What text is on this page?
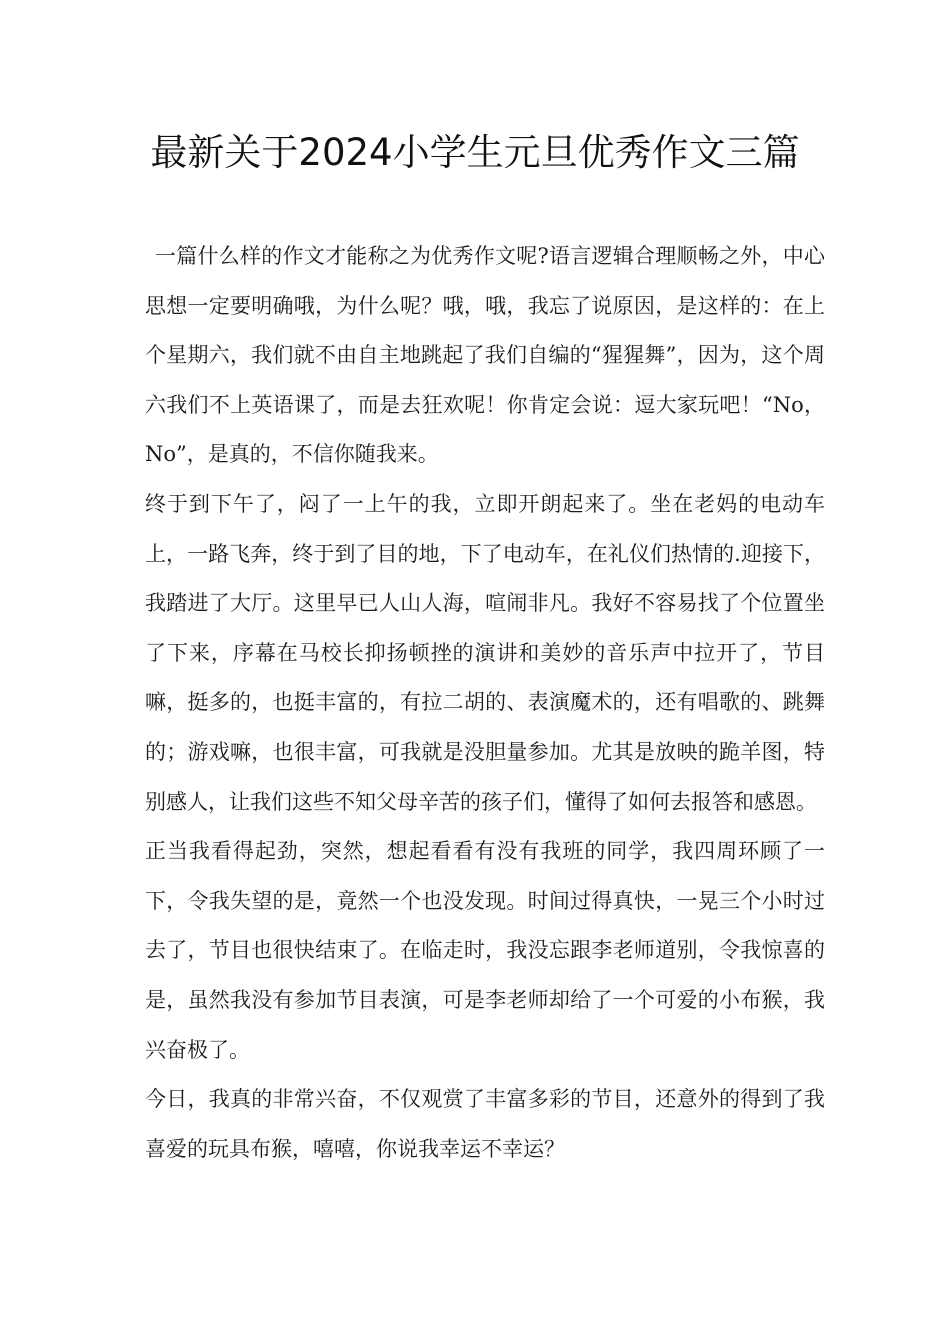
最新关于2024小学生元旦优秀作文三篇

一篇什么样的作文才能称之为优秀作文呢?语言逻辑合理顺畅之外，中心思想一定要明确哦，为什么呢？哦，哦，我忘了说原因，是这样的：在上个星期六，我们就不由自主地跳起了我们自编的“猩猩舞”，因为，这个周六我们不上英语课了，而是去狂欢呢！你肯定会说：逗大家玩吧！“No，No”，是真的，不信你随我来。

终于到下午了，闷了一上午的我，立即开朗起来了。坐在老妈的电动车上，一路飞奔，终于到了目的地，下了电动车，在礼仪们热情的.迎接下，我踏进了大厅。这里早已人山人海，喧闹非凡。我好不容易找了个位置坐了下来，序幕在马校长抑扬顿挫的演讲和美妙的音乐声中拉开了，节目嘛，挺多的，也挺丰富的，有拉二胡的、表演魔术的，还有唱歌的、跳舞的；游戏嘛，也很丰富，可我就是没胆量参加。尤其是放映的跪羊图，特别感人，让我们这些不知父母辛苦的孩子们，懂得了如何去报答和感恩。

正当我看得起劲，突然，想起看看有没有我班的同学，我四周环顾了一下，令我失望的是，竟然一个也没发现。时间过得真快，一晃三个小时过去了，节目也很快结束了。在临走时，我没忘跟李老师道别，令我惊喜的是，虽然我没有参加节目表演，可是李老师却给了一个可爱的小布猴，我兴奋极了。

今日，我真的非常兴奋，不仅观赏了丰富多彩的节目，还意外的得到了我喜爱的玩具布猴，嘻嘻，你说我幸运不幸运？
